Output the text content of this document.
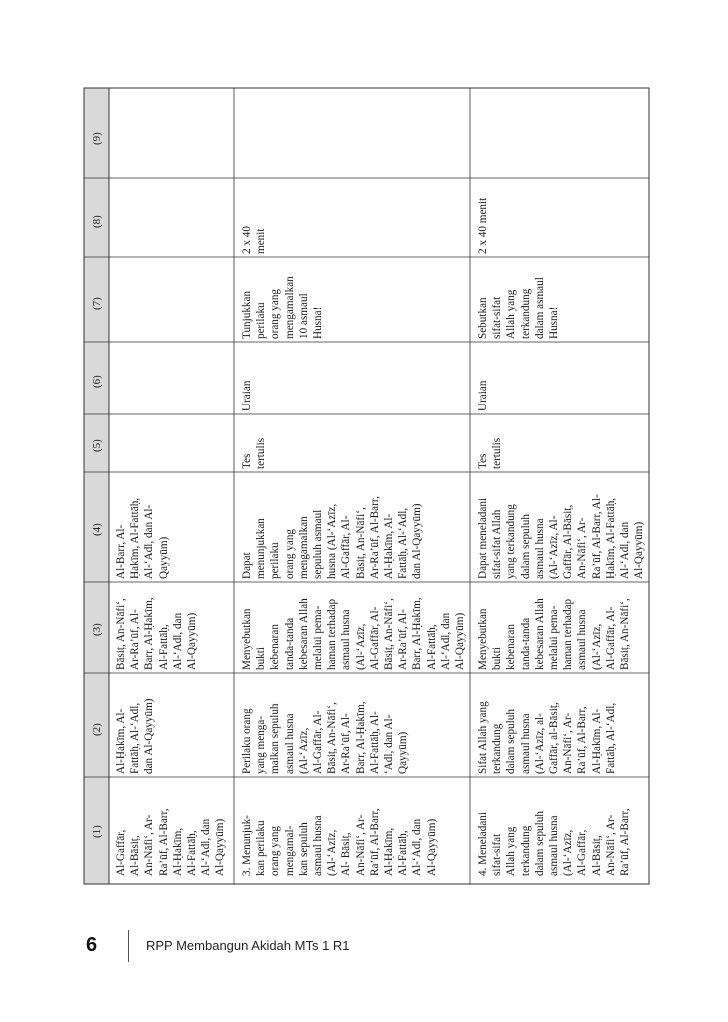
(1)
(2)
(3)
(4)
(5)
(6)
(7)
(8)
(9)
Al-Gaffār,
Al-Bāsiṭ,
An-Nāfi‘, Ar-
Ra’ūf, Al-Barr,
Al-Ḥakīm,
Al-Fattāḥ,
Al-‘Adl, dan
Al-Qayyūm)
Al-Ḥakīm, Al-
Fattāḥ, Al-‘Adl,
dan Al-Qayyūm)
Bāsiṭ, An-Nāfi‘,
Ar-Ra’ūf, Al-
Barr, Al-Ḥakīm,
Al-Fattāḥ,
Al-‘Adl, dan
Al-Qayyūm)
Al-Barr, Al-
Ḥakīm, Al-Fattāḥ,
Al-‘Adl, dan Al-
Qayyūm)
3. Menunjuk-
kan perilaku
orang yang
mengamal-
kan sepuluh
asmaul husna
(Al-‘Azīz,
Al- Bāsiṭ,
An-Nāfi‘, Ar-
Ra’ūf, Al-Barr,
Al-Ḥakīm,
Al-Fattāḥ,
Al-‘Adl, dan
Al-Qayyūm)
Perilaku orang
yang menga-
malkan sepuluh
asmaul husna
(Al-‘Azīz,
Al-Gaffār, Al-
Bāsiṭ, An-Nāfi‘,
Ar-Ra’ūf, Al-
Barr, Al-Ḥakīm,
Al-Fattāḥ, Al-
‘Adl, dan Al-
Qayyūm)
Menyebutkan
bukti
kebenaran
tanda-tanda
kebesaran Allah
melalui pema-
haman terhadap
asmaul husna
(Al-‘Azīz,
Al-Gaffār, Al-
Bāsiṭ, An-Nāfi‘,
Ar-Ra’ūf, Al-
Barr, Al-Ḥakīm,
Al-Fattāḥ,
Al-‘Adl, dan
Al-Qayyūm)
Dapat
menunjukkan
perilaku
orang yang
mengamalkan
sepuluh asmaul
husna (Al-‘Azīz,
Al-Gaffār, Al-
Bāsiṭ, An-Nāfi‘,
Ar-Ra’ūf, Al-Barr,
Al-Ḥakīm, Al-
Fattāḥ, Al-‘Adl,
dan Al-Qayyūm)
Tes
tertulis
Uraian
Tunjukkan
perilaku
orang yang
mengamalkan
10 asmaul
Husna!
2 x 40
menit
4. Meneladani
sifat-sifat
Allah yang
terkandung
dalam sepuluh
asmaul husna
(Al-‘Azīz,
Al-Gaffār,
Al-Bāsiṭ,
An-Nāfi‘, Ar-
Ra’ūf, Al-Barr,
Sifat Allah yang
terkandung
dalam sepuluh
asmaul husna
(Al-‘Azīz, al-
Gaffār, al-Bāsiṭ,
An-Nāfi‘, Ar-
Ra’ūf, Al-Barr,
Al-Ḥakīm, Al-
Fattāḥ, Al-‘Adl,
Menyebutkan
bukti
kebenaran
tanda-tanda
kebesaran Allah
melalui pema-
haman terhadap
asmaul husna
(Al-‘Azīz,
Al-Gaffār, Al-
Bāsiṭ, An-Nāfi‘,
Dapat meneladani
sifat-sifat Allah
yang terkandung
dalam sepuluh
asmaul husna
(Al-‘Azīz, Al-
Gaffār, Al-Bāsiṭ,
An-Nāfi‘, Ar-
Ra’ūf, Al-Barr, Al-
Ḥakīm, Al-Fattāḥ,
Al-‘Adl, dan
Al-Qayyūm)
Tes
tertulis
Uraian
Sebutkan
sifat-sifat
Allah yang
terkandung
dalam asmaul
Husna!
2 x 40 menit
6	RPP Membangun Akidah MTs 1 R1
